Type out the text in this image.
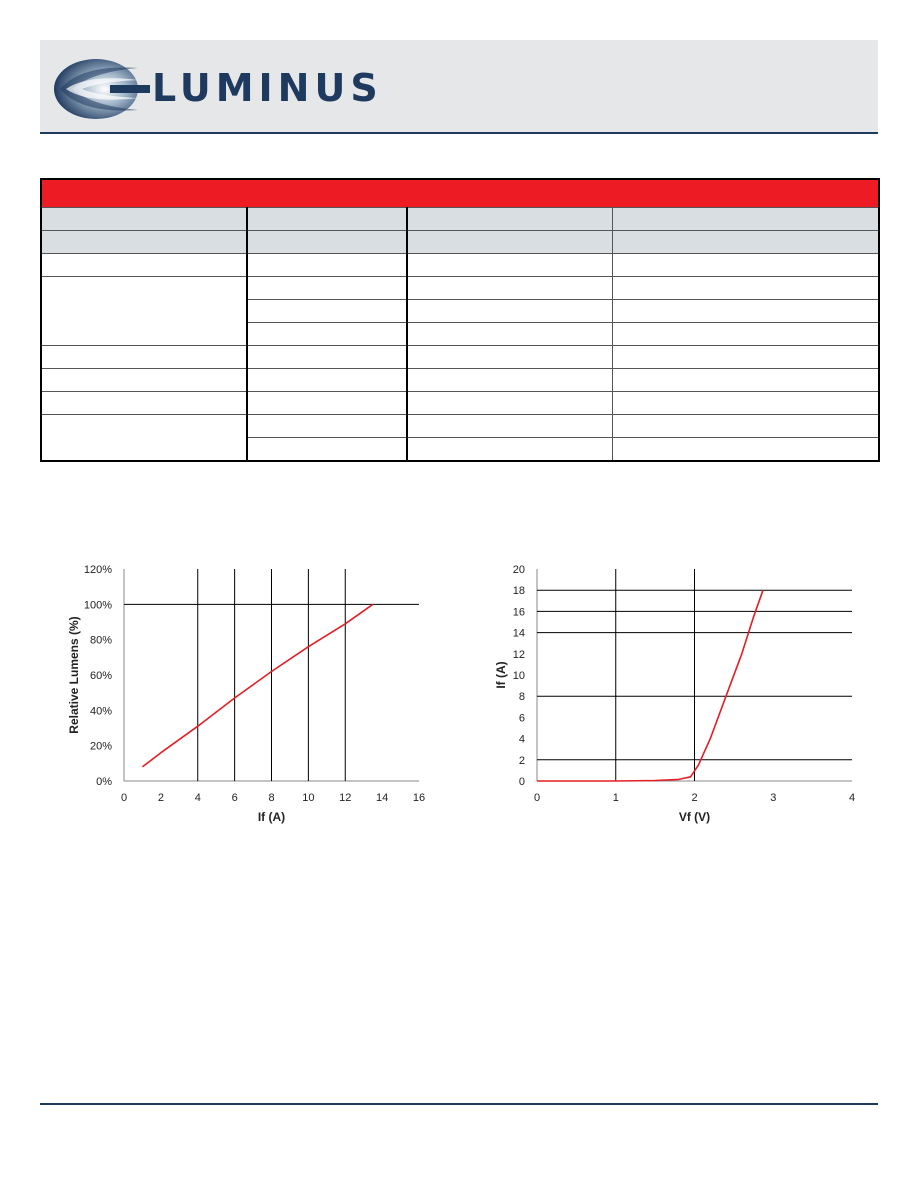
LUMINUS

0	2	4	6	8	10 12 14 16
0%
20%
40%
60%
80%
100%
120%
If (A)
Relative Lumens (%)
0	1	2	3	4
0
2
4
6
8
10
12
14
16
18
20
Vf (V)
If (A)
